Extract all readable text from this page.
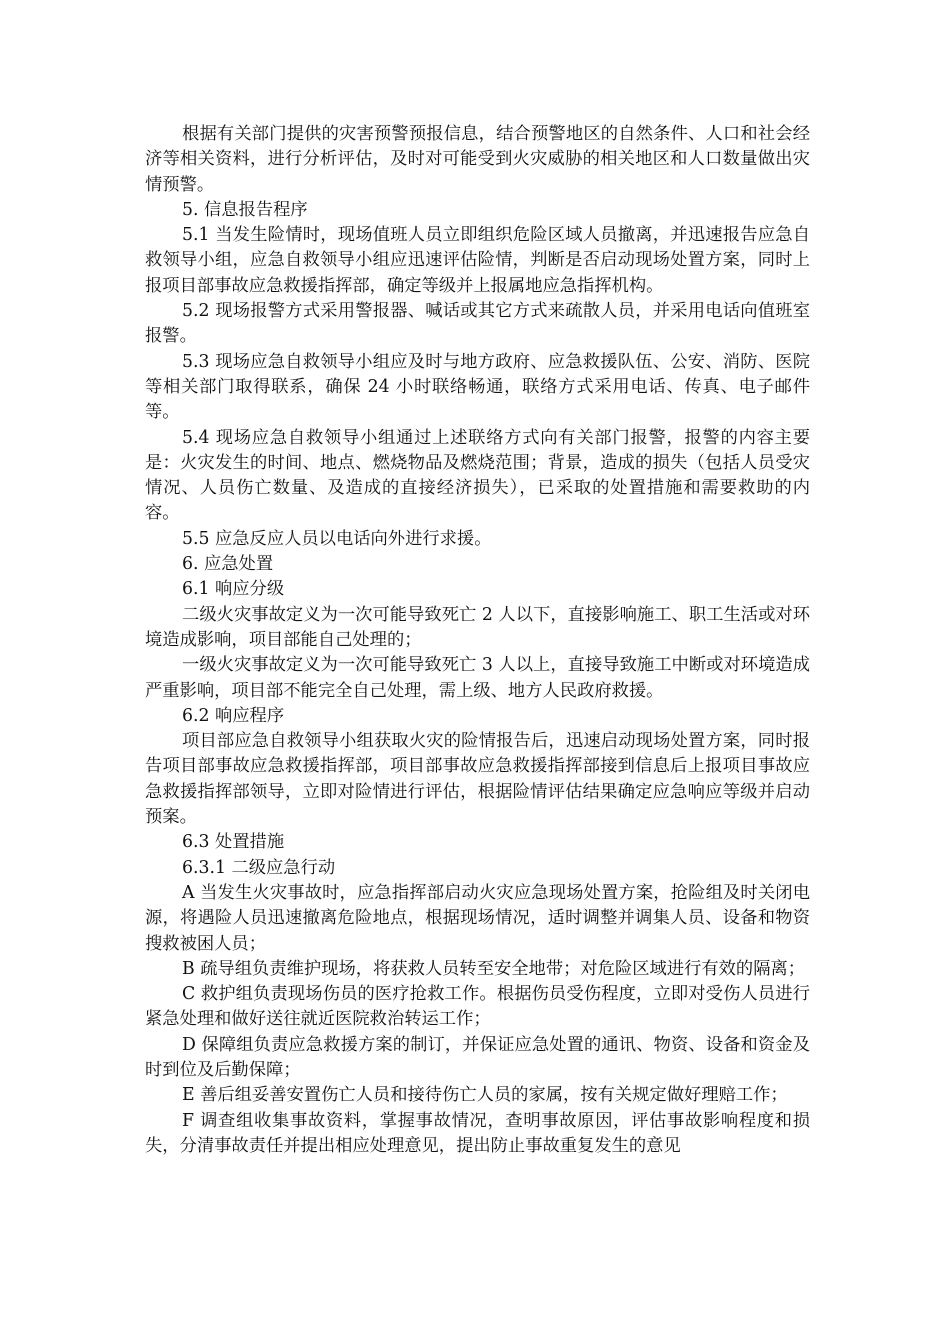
根据有关部门提供的灾害预警预报信息，结合预警地区的自然条件、人口和社会经济等相关资料，进行分析评估，及时对可能受到火灾威胁的相关地区和人口数量做出灾情预警。

5. 信息报告程序

5.1 当发生险情时，现场值班人员立即组织危险区域人员撤离，并迅速报告应急自救领导小组，应急自救领导小组应迅速评估险情，判断是否启动现场处置方案，同时上报项目部事故应急救援指挥部，确定等级并上报属地应急指挥机构。

5.2 现场报警方式采用警报器、喊话或其它方式来疏散人员，并采用电话向值班室报警。

5.3 现场应急自救领导小组应及时与地方政府、应急救援队伍、公安、消防、医院等相关部门取得联系，确保 24 小时联络畅通，联络方式采用电话、传真、电子邮件等。

5.4 现场应急自救领导小组通过上述联络方式向有关部门报警，报警的内容主要是：火灾发生的时间、地点、燃烧物品及燃烧范围；背景，造成的损失（包括人员受灾情况、人员伤亡数量、及造成的直接经济损失），已采取的处置措施和需要救助的内容。

5.5 应急反应人员以电话向外进行求援。

6. 应急处置

6.1 响应分级

二级火灾事故定义为一次可能导致死亡 2 人以下，直接影响施工、职工生活或对环境造成影响，项目部能自己处理的；

一级火灾事故定义为一次可能导致死亡 3 人以上，直接导致施工中断或对环境造成严重影响，项目部不能完全自己处理，需上级、地方人民政府救援。

6.2 响应程序

项目部应急自救领导小组获取火灾的险情报告后，迅速启动现场处置方案，同时报告项目部事故应急救援指挥部，项目部事故应急救援指挥部接到信息后上报项目事故应急救援指挥部领导，立即对险情进行评估，根据险情评估结果确定应急响应等级并启动预案。

6.3 处置措施

6.3.1 二级应急行动

A 当发生火灾事故时，应急指挥部启动火灾应急现场处置方案，抢险组及时关闭电源，将遇险人员迅速撤离危险地点，根据现场情况，适时调整并调集人员、设备和物资搜救被困人员；

B 疏导组负责维护现场，将获救人员转至安全地带；对危险区域进行有效的隔离；

C 救护组负责现场伤员的医疗抢救工作。根据伤员受伤程度，立即对受伤人员进行紧急处理和做好送往就近医院救治转运工作；

D 保障组负责应急救援方案的制订，并保证应急处置的通讯、物资、设备和资金及时到位及后勤保障；

E 善后组妥善安置伤亡人员和接待伤亡人员的家属，按有关规定做好理赔工作；

F 调查组收集事故资料，掌握事故情况，查明事故原因，评估事故影响程度和损失，分清事故责任并提出相应处理意见，提出防止事故重复发生的意见
